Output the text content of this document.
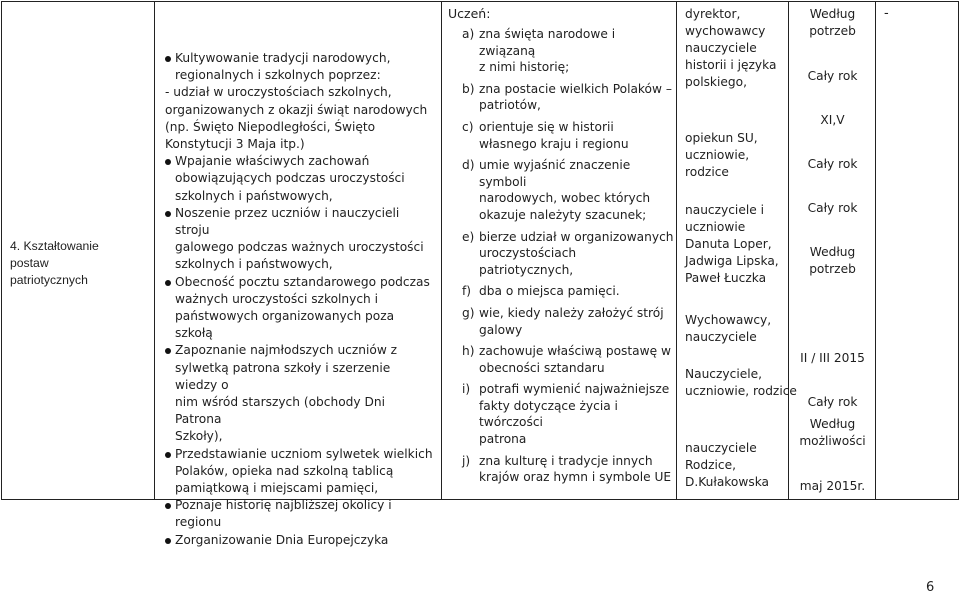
4. Kształtowanie
postaw
patriotycznych
Kultywowanie tradycji narodowych,
regionalnych i szkolnych poprzez:
- udział w uroczystościach szkolnych,
organizowanych z okazji świąt narodowych
(np. Święto Niepodległości, Święto
Konstytucji 3 Maja itp.)
Wpajanie właściwych zachowań
obowiązujących podczas uroczystości
szkolnych i państwowych,
Noszenie przez uczniów i nauczycieli stroju
galowego podczas ważnych uroczystości
szkolnych i państwowych,
Obecność pocztu sztandarowego podczas
ważnych uroczystości szkolnych i
państwowych organizowanych poza szkołą
Zapoznanie najmłodszych uczniów z
sylwetką patrona szkoły i szerzenie wiedzy o
nim wśród starszych (obchody Dni Patrona
Szkoły),
Przedstawianie uczniom sylwetek wielkich
Polaków, opieka nad szkolną tablicą
pamiątkową i miejscami pamięci,
Poznaje historię najbliższej okolicy i regionu
Zorganizowanie Dnia Europejczyka
Uczeń:
a) zna święta narodowe i związaną
z nimi historię;
b) zna postacie wielkich Polaków –
patriotów,
c) orientuje się w historii
własnego kraju i regionu
d) umie wyjaśnić znaczenie symboli
narodowych, wobec których
okazuje należyty szacunek;
e) bierze udział w organizowanych
uroczystościach patriotycznych,
f) dba o miejsca pamięci.
g) wie, kiedy należy założyć strój
galowy
h) zachowuje właściwą postawę w
obecności sztandaru
i) potrafi wymienić najważniejsze
fakty dotyczące życia i twórczości
patrona
j) zna kulturę i tradycje innych
krajów oraz hymn i symbole UE
dyrektor,
wychowawcy
nauczyciele
historii i języka
polskiego,
opiekun SU,
uczniowie,
rodzice
nauczyciele i
uczniowie
Danuta Loper,
Jadwiga Lipska,
Paweł Łuczka
Wychowawcy,
nauczyciele
Nauczyciele,
uczniowie, rodzice
nauczyciele
Rodzice,
D.Kułakowska
Według
potrzeb
Cały rok
XI,V
Cały rok
Cały rok
Według
potrzeb
II / III 2015
Cały rok
Według
możliwości
maj 2015r.
-
6
